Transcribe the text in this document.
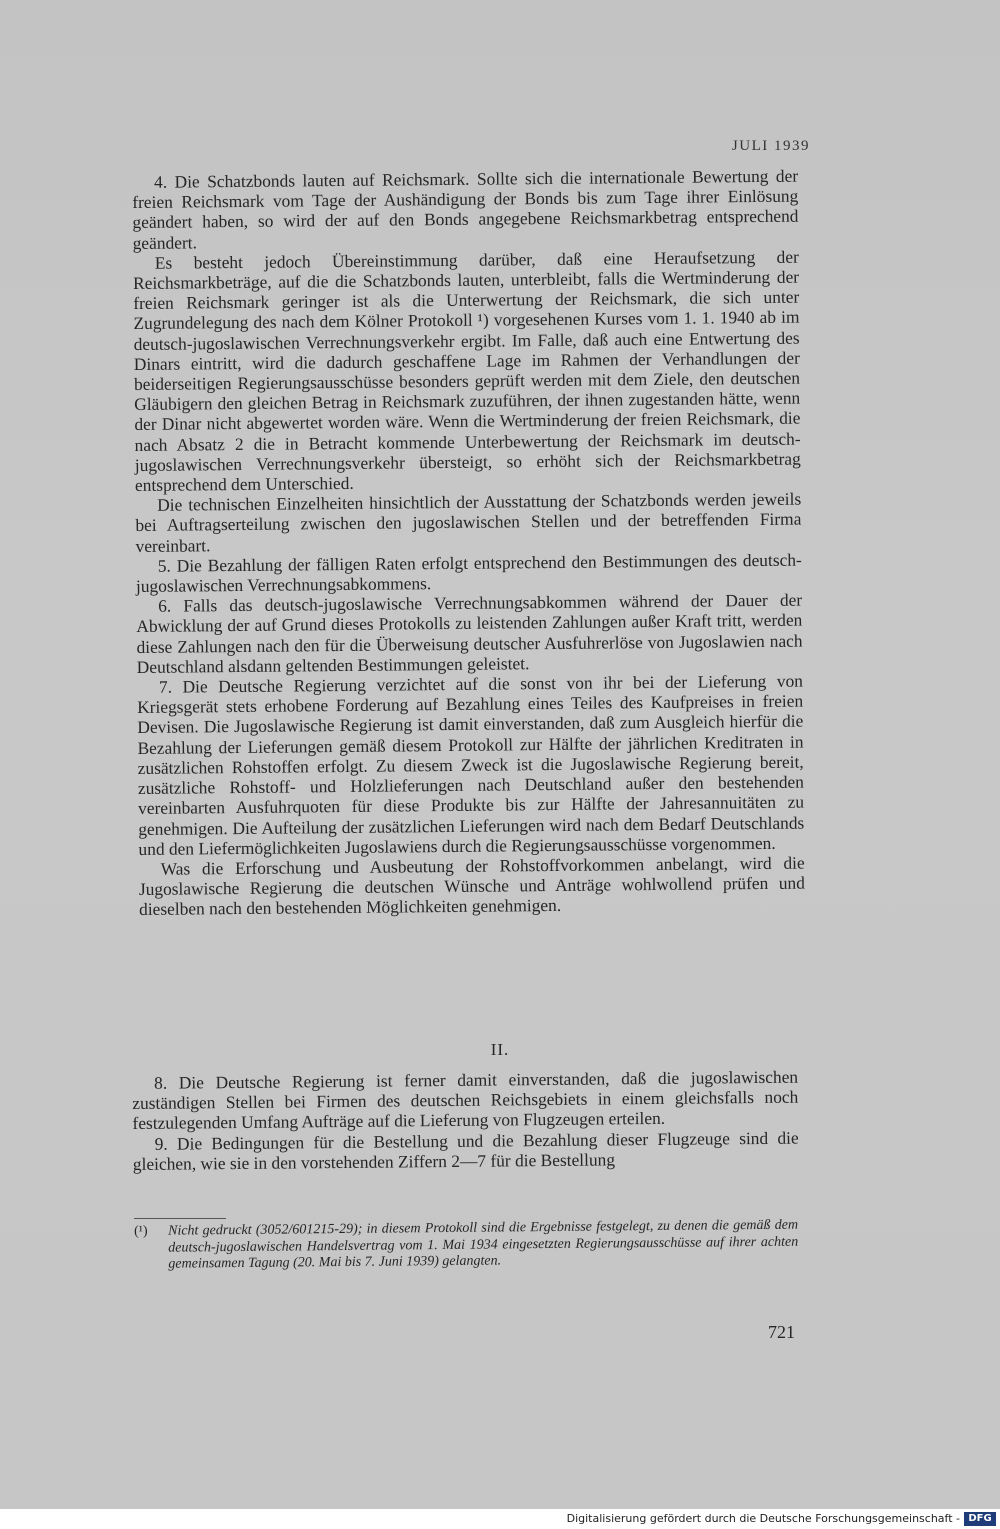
JULI 1939

4. Die Schatzbonds lauten auf Reichsmark. Sollte sich die internationale Bewertung der freien Reichsmark vom Tage der Aushändigung der Bonds bis zum Tage ihrer Einlösung geändert haben, so wird der auf den Bonds angegebene Reichsmarkbetrag entsprechend geändert.

Es besteht jedoch Übereinstimmung darüber, daß eine Heraufsetzung der Reichsmarkbeträge, auf die die Schatzbonds lauten, unterbleibt, falls die Wertminderung der freien Reichsmark geringer ist als die Unterwertung der Reichsmark, die sich unter Zugrundelegung des nach dem Kölner Protokoll ¹) vorgesehenen Kurses vom 1. 1. 1940 ab im deutsch-jugoslawischen Verrechnungsverkehr ergibt. Im Falle, daß auch eine Entwertung des Dinars eintritt, wird die dadurch geschaffene Lage im Rahmen der Verhandlungen der beiderseitigen Regierungsausschüsse besonders geprüft werden mit dem Ziele, den deutschen Gläubigern den gleichen Betrag in Reichsmark zuzuführen, der ihnen zugestanden hätte, wenn der Dinar nicht abgewertet worden wäre. Wenn die Wertminderung der freien Reichsmark, die nach Absatz 2 die in Betracht kommende Unterbewertung der Reichsmark im deutsch-jugoslawischen Verrechnungsverkehr übersteigt, so erhöht sich der Reichsmarkbetrag entsprechend dem Unterschied.

Die technischen Einzelheiten hinsichtlich der Ausstattung der Schatzbonds werden jeweils bei Auftragserteilung zwischen den jugoslawischen Stellen und der betreffenden Firma vereinbart.

5. Die Bezahlung der fälligen Raten erfolgt entsprechend den Bestimmungen des deutsch-jugoslawischen Verrechnungsabkommens.

6. Falls das deutsch-jugoslawische Verrechnungsabkommen während der Dauer der Abwicklung der auf Grund dieses Protokolls zu leistenden Zahlungen außer Kraft tritt, werden diese Zahlungen nach den für die Überweisung deutscher Ausfuhrerlöse von Jugoslawien nach Deutschland alsdann geltenden Bestimmungen geleistet.

7. Die Deutsche Regierung verzichtet auf die sonst von ihr bei der Lieferung von Kriegsgerät stets erhobene Forderung auf Bezahlung eines Teiles des Kaufpreises in freien Devisen. Die Jugoslawische Regierung ist damit einverstanden, daß zum Ausgleich hierfür die Bezahlung der Lieferungen gemäß diesem Protokoll zur Hälfte der jährlichen Kreditraten in zusätzlichen Rohstoffen erfolgt. Zu diesem Zweck ist die Jugoslawische Regierung bereit, zusätzliche Rohstoff- und Holzlieferungen nach Deutschland außer den bestehenden vereinbarten Ausfuhrquoten für diese Produkte bis zur Hälfte der Jahresannuitäten zu genehmigen. Die Aufteilung der zusätzlichen Lieferungen wird nach dem Bedarf Deutschlands und den Liefermöglichkeiten Jugoslawiens durch die Regierungsausschüsse vorgenommen.

Was die Erforschung und Ausbeutung der Rohstoffvorkommen anbelangt, wird die Jugoslawische Regierung die deutschen Wünsche und Anträge wohlwollend prüfen und dieselben nach den bestehenden Möglichkeiten genehmigen.

II.

8. Die Deutsche Regierung ist ferner damit einverstanden, daß die jugoslawischen zuständigen Stellen bei Firmen des deutschen Reichsgebiets in einem gleichsfalls noch festzulegenden Umfang Aufträge auf die Lieferung von Flugzeugen erteilen.

9. Die Bedingungen für die Bestellung und die Bezahlung dieser Flugzeuge sind die gleichen, wie sie in den vorstehenden Ziffern 2—7 für die Bestellung

(¹)	Nicht gedruckt (3052/601215-29); in diesem Protokoll sind die Ergebnisse festgelegt, zu denen die gemäß dem deutsch-jugoslawischen Handelsvertrag vom 1. Mai 1934 eingesetzten Regierungsausschüsse auf ihrer achten gemeinsamen Tagung (20. Mai bis 7. Juni 1939) gelangten.
721
Digitalisierung gefördert durch die Deutsche Forschungsgemeinschaft - DFG
